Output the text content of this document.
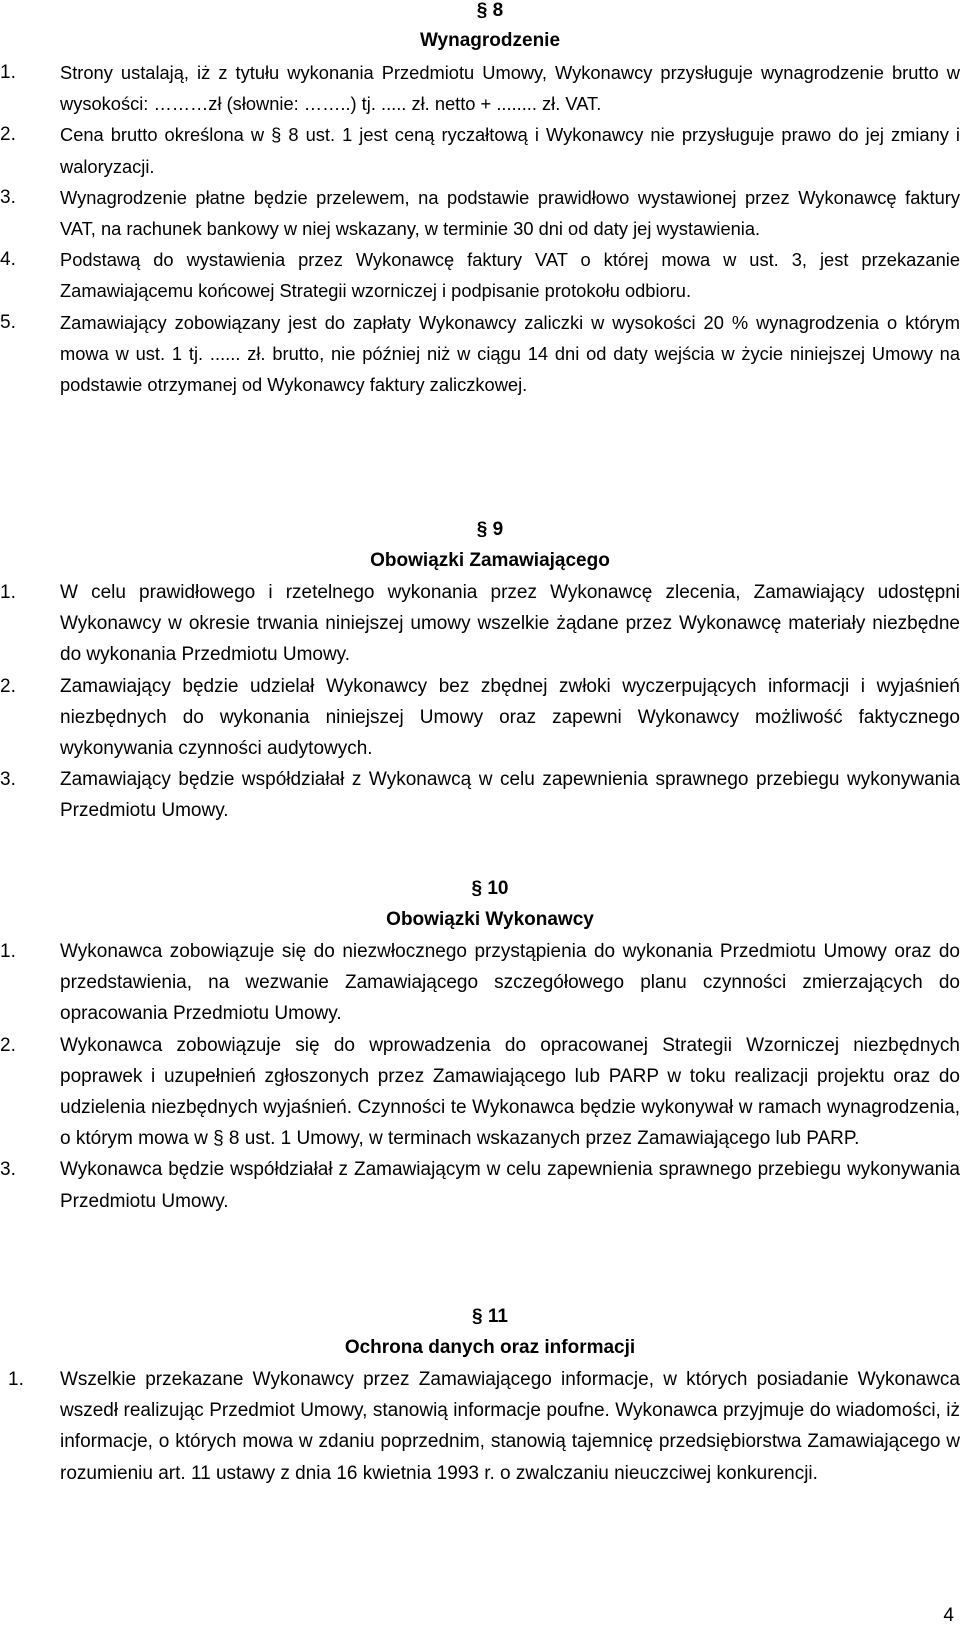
§ 8
Wynagrodzenie
1.	Strony ustalają, iż z tytułu wykonania Przedmiotu Umowy, Wykonawcy przysługuje wynagrodzenie brutto w wysokości: ………zł (słownie: ……..) tj. ..... zł. netto + ........ zł. VAT.
2.	Cena brutto określona w § 8 ust. 1 jest ceną ryczałtową i Wykonawcy nie przysługuje prawo do jej zmiany i waloryzacji.
3.	Wynagrodzenie płatne będzie przelewem, na podstawie prawidłowo wystawionej przez Wykonawcę faktury VAT, na rachunek bankowy w niej wskazany, w terminie 30 dni od daty jej wystawienia.
4.	Podstawą do wystawienia przez Wykonawcę faktury VAT o której mowa w ust. 3, jest przekazanie Zamawiającemu końcowej Strategii wzorniczej i podpisanie protokołu odbioru.
5.	Zamawiający zobowiązany jest do zapłaty Wykonawcy zaliczki w wysokości 20 % wynagrodzenia o którym mowa w ust. 1 tj. ...... zł. brutto, nie później niż w ciągu 14 dni od daty wejścia w życie niniejszej Umowy na podstawie otrzymanej od Wykonawcy faktury zaliczkowej.
§ 9
Obowiązki Zamawiającego
1.	W celu prawidłowego i rzetelnego wykonania przez Wykonawcę zlecenia, Zamawiający udostępni Wykonawcy w okresie trwania niniejszej umowy wszelkie żądane przez Wykonawcę materiały niezbędne do wykonania Przedmiotu Umowy.
2.	Zamawiający będzie udzielał Wykonawcy bez zbędnej zwłoki wyczerpujących informacji i wyjaśnień niezbędnych do wykonania niniejszej Umowy oraz zapewni Wykonawcy możliwość faktycznego wykonywania czynności audytowych.
3.	Zamawiający będzie współdziałał z Wykonawcą w celu zapewnienia sprawnego przebiegu wykonywania Przedmiotu Umowy.
§ 10
Obowiązki Wykonawcy
1.	Wykonawca zobowiązuje się do niezwłocznego przystąpienia do wykonania Przedmiotu Umowy oraz do przedstawienia, na wezwanie Zamawiającego szczegółowego planu czynności zmierzających do opracowania Przedmiotu Umowy.
2.	Wykonawca zobowiązuje się do wprowadzenia do opracowanej Strategii Wzorniczej niezbędnych poprawek i uzupełnień zgłoszonych przez Zamawiającego lub PARP w toku realizacji projektu oraz do udzielenia niezbędnych wyjaśnień. Czynności te Wykonawca będzie wykonywał w ramach wynagrodzenia, o którym mowa w § 8 ust. 1 Umowy, w terminach wskazanych przez Zamawiającego lub PARP.
3.	Wykonawca będzie współdziałał z Zamawiającym w celu zapewnienia sprawnego przebiegu wykonywania Przedmiotu Umowy.
§ 11
Ochrona danych oraz informacji
1.	Wszelkie przekazane Wykonawcy przez Zamawiającego informacje, w których posiadanie Wykonawca wszedł realizując Przedmiot Umowy, stanowią informacje poufne. Wykonawca przyjmuje do wiadomości, iż informacje, o których mowa w zdaniu poprzednim, stanowią tajemnicę przedsiębiorstwa Zamawiającego w rozumieniu art. 11 ustawy z dnia 16 kwietnia 1993 r. o zwalczaniu nieuczciwej konkurencji.
4
